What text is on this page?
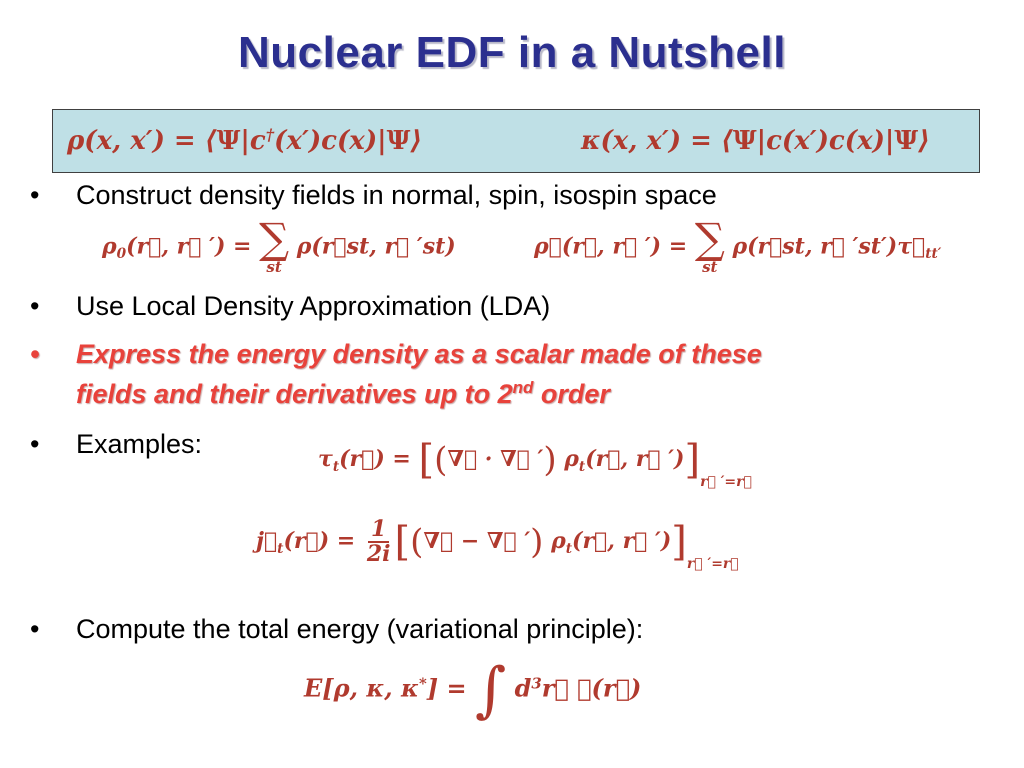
Nuclear EDF in a Nutshell
ρ(x, x′) = ⟨Ψ|c†(x′)c(x)|Ψ⟩	κ(x, x′) = ⟨Ψ|c(x′)c(x)|Ψ⟩
• Construct density fields in normal, spin, isospin space
$\rho_0(r⃗$, r⃗ ′) = ∑
st
ρ(r⃗st, r⃗ ′st)	ρ⃗(r⃗, r⃗ ′) = ∑
st
ρ(r⃗st, r⃗ $'st')\tau⃗_{tt'}$
• Use Local Density Approximation (LDA)
• Express the energy density as a scalar made of these
fields and their derivatives up to 2nd order
• Examples:	$\tau_t(r⃗)$ = [(∇⃗ · ∇⃗ ′) $\rho_t(r⃗$, r⃗ $')]_{r⃗ '=r⃗}$
$j⃗_t(r⃗) = \frac{1}{2i}$ [(∇⃗ − ∇⃗ ′) $\rho_t(r⃗$, r⃗ $')]_{r⃗ '=r⃗}$
• Compute the total energy (variational principle):
E[ρ, κ, κ*] = ∫ $d^3r⃗$ ℋ(r⃗)
